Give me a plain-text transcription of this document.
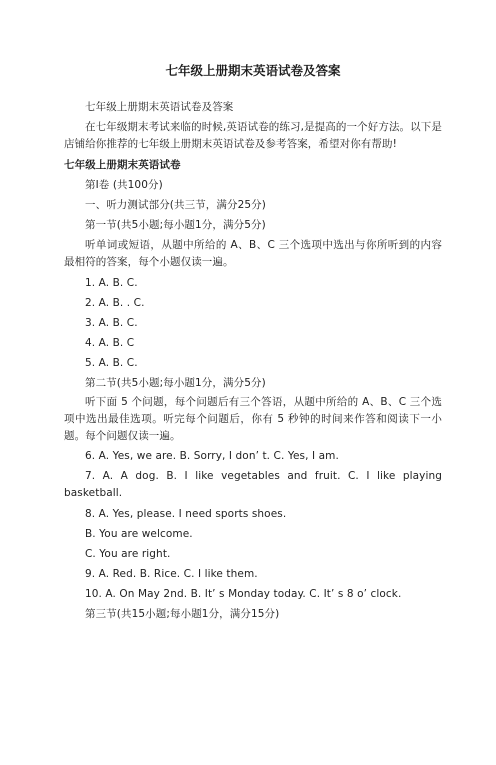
七年级上册期末英语试卷及答案

七年级上册期末英语试卷及答案

在七年级期末考试来临的时候,英语试卷的练习,是提高的一个好方法。以下是店铺给你推荐的七年级上册期末英语试卷及参考答案，希望对你有帮助!

七年级上册期末英语试卷

第I卷 (共100分)

一、听力测试部分(共三节，满分25分)

第一节(共5小题;每小题1分，满分5分)

听单词或短语，从题中所给的 A、B、C 三个选项中选出与你所听到的内容最相符的答案，每个小题仅读一遍。

1. A. B. C.

2. A. B. . C.

3. A. B. C.

4. A. B. C

5. A. B. C.

第二节(共5小题;每小题1分，满分5分)

听下面 5 个问题，每个问题后有三个答语，从题中所给的 A、B、C 三个选项中选出最佳选项。听完每个问题后，你有 5 秒钟的时间来作答和阅读下一小题。每个问题仅读一遍。

6. A. Yes, we are. B. Sorry, I don’ t. C. Yes, I am.

7. A. A dog. B. I like vegetables and fruit. C. I like playing basketball.

8. A. Yes, please. I need sports shoes.

B. You are welcome.

C. You are right.

9. A. Red. B. Rice. C. I like them.

10. A. On May 2nd. B. It’ s Monday today. C. It’ s 8 o’ clock.

第三节(共15小题;每小题1分，满分15分)
